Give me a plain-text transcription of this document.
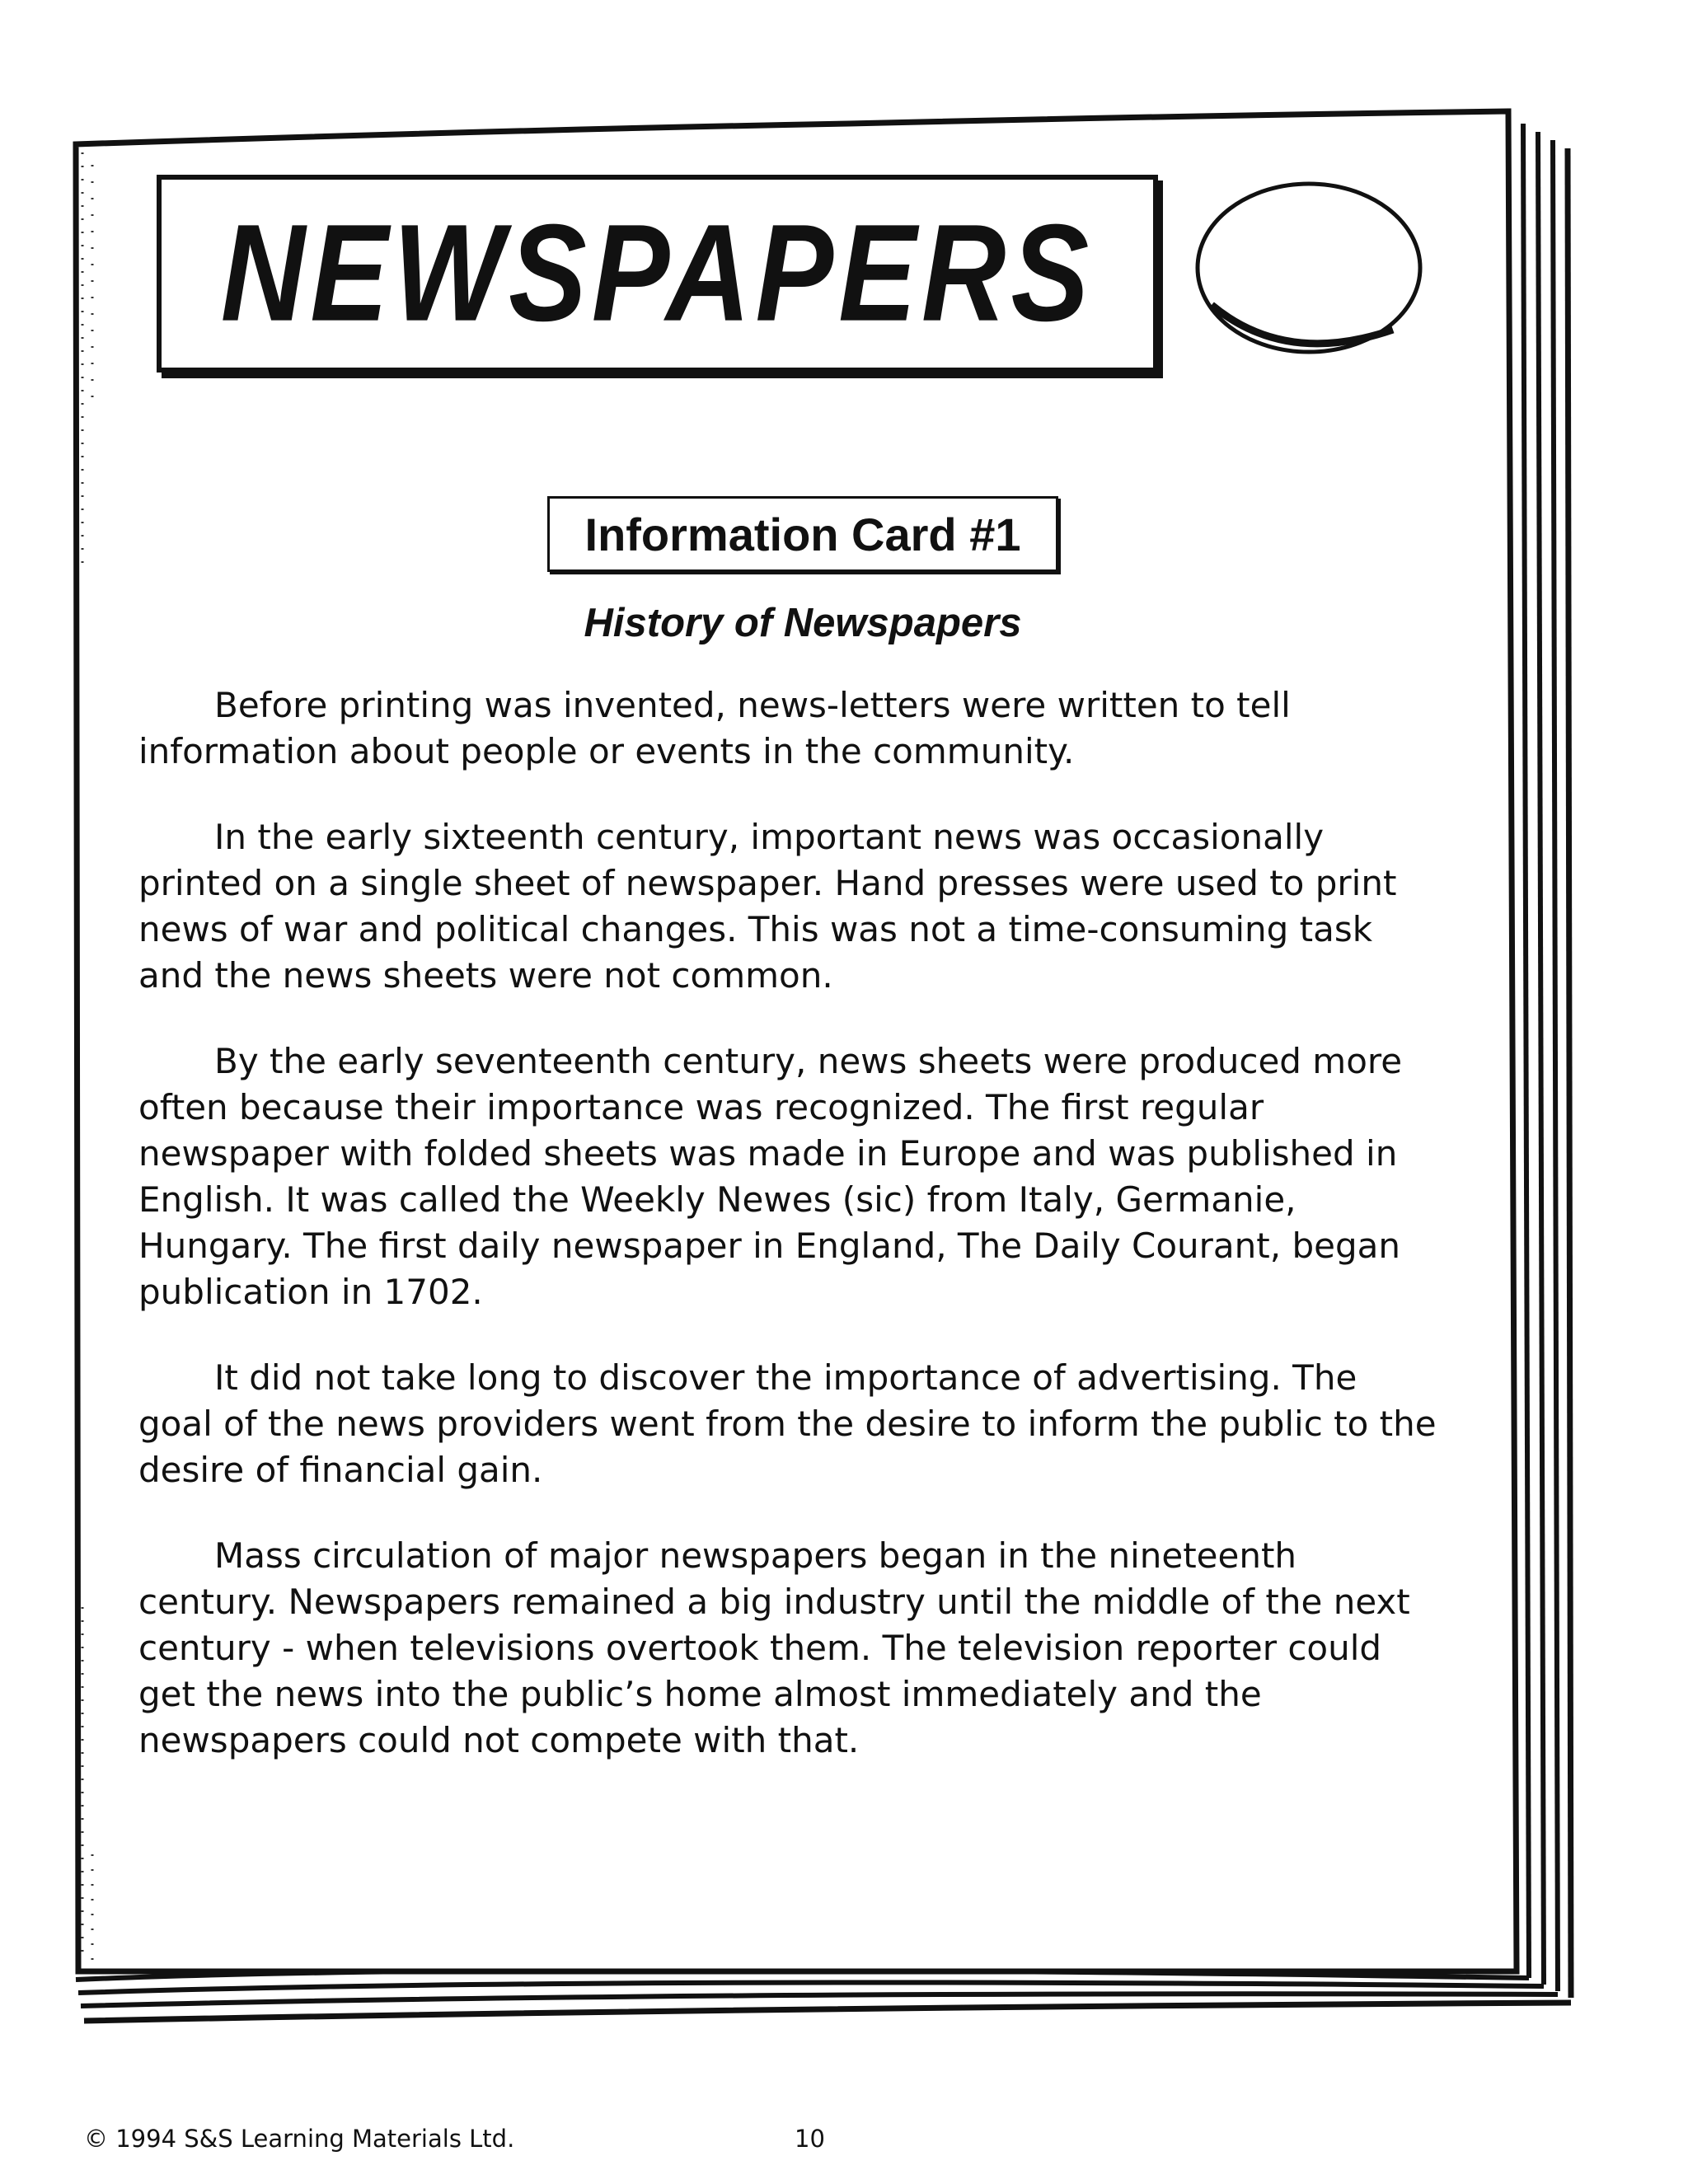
NEWSPAPERS
Information Card #1
History of Newspapers

Before printing was invented, news-letters were written to tell information about people or events in the community.

In the early sixteenth century, important news was occasionally printed on a single sheet of newspaper. Hand presses were used to print news of war and political changes. This was not a time-consuming task and the news sheets were not common.

By the early seventeenth century, news sheets were produced more often because their importance was recognized. The first regular newspaper with folded sheets was made in Europe and was published in English. It was called the Weekly Newes (sic) from Italy, Germanie, Hungary. The first daily newspaper in England, The Daily Courant, began publication in 1702.

It did not take long to discover the importance of advertising. The goal of the news providers went from the desire to inform the public to the desire of financial gain.

Mass circulation of major newspapers began in the nineteenth century. Newspapers remained a big industry until the middle of the next century - when televisions overtook them. The television reporter could get the news into the public’s home almost immediately and the newspapers could not compete with that.

© 1994 S&S Learning Materials Ltd.	10
